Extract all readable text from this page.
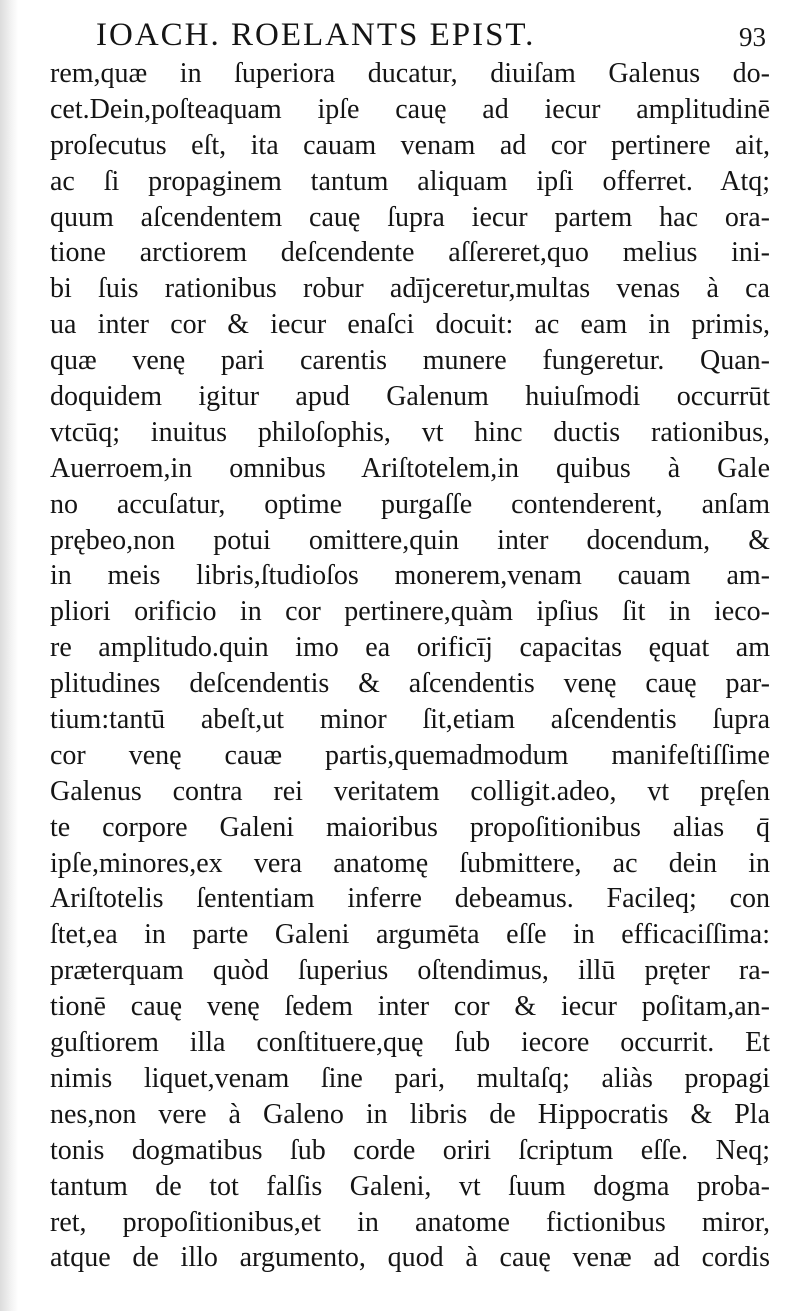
IOACH. ROELANTS EPIST.	93
rem,quæ in ſuperiora ducatur, diuiſam Galenus do-
cet.Dein,poſteaquam ipſe cauę ad iecur amplitudinē
proſecutus eſt, ita cauam venam ad cor pertinere ait,
ac ſi propaginem tantum aliquam ipſi offerret. Atq;
quum aſcendentem cauę ſupra iecur partem hac ora-
tione arctiorem deſcendente aſſereret,quo melius ini-
bi ſuis rationibus robur adījceretur,multas venas à ca
ua inter cor & iecur enaſci docuit: ac eam in primis,
quæ venę pari carentis munere fungeretur. Quan-
doquidem igitur apud Galenum huiuſmodi occurrūt
vtcūq; inuitus philoſophis, vt hinc ductis rationibus,
Auerroem,in omnibus Ariſtotelem,in quibus à Gale
no accuſatur, optime purgaſſe contenderent, anſam
pręb​eo,non potui omittere,quin inter docendum, &
in meis libris,ſtudioſos monerem,venam cauam am-
pliori orificio in cor pertinere,quàm ipſius ſit in ieco-
re amplitudo.quin imo ea orificīj capacitas ęquat am
plitudines deſcendentis & aſcendentis venę cauę par-
tium:tantū abeſt,ut minor ſit,etiam aſcendentis ſupra
cor venę cauæ partis,quemadmodum manifeſtiſſime
Galenus contra rei veritatem colligit.adeo, vt pręſen
te corpore Galeni maioribus propoſitionibus alias q̄
ipſe,minores,ex vera anatomę ſubmittere, ac dein in
Ariſtotelis ſententiam inferre debeamus. Facileq; con
ſtet,ea in parte Galeni argumēta eſſe in efficaciſſima:
præterquam quòd ſuperius oſtendimus, illū pręter ra-
tionē cauę venę ſedem inter cor & iecur poſitam,an-
guſtiorem illa conſtituere,quę ſub iecore occurrit. Et
nimis liquet,venam ſine pari, multaſq; aliàs propagi
nes,non vere à Galeno in libris de Hippocratis & Pla
tonis dogmatibus ſub corde oriri ſcriptum eſſe. Neq;
tantum de tot falſis Galeni, vt ſuum dogma proba-
ret, propoſitionibus,et in anatome fictionibus miror,
atque de illo argumento, quod à cauę venæ ad cordis
